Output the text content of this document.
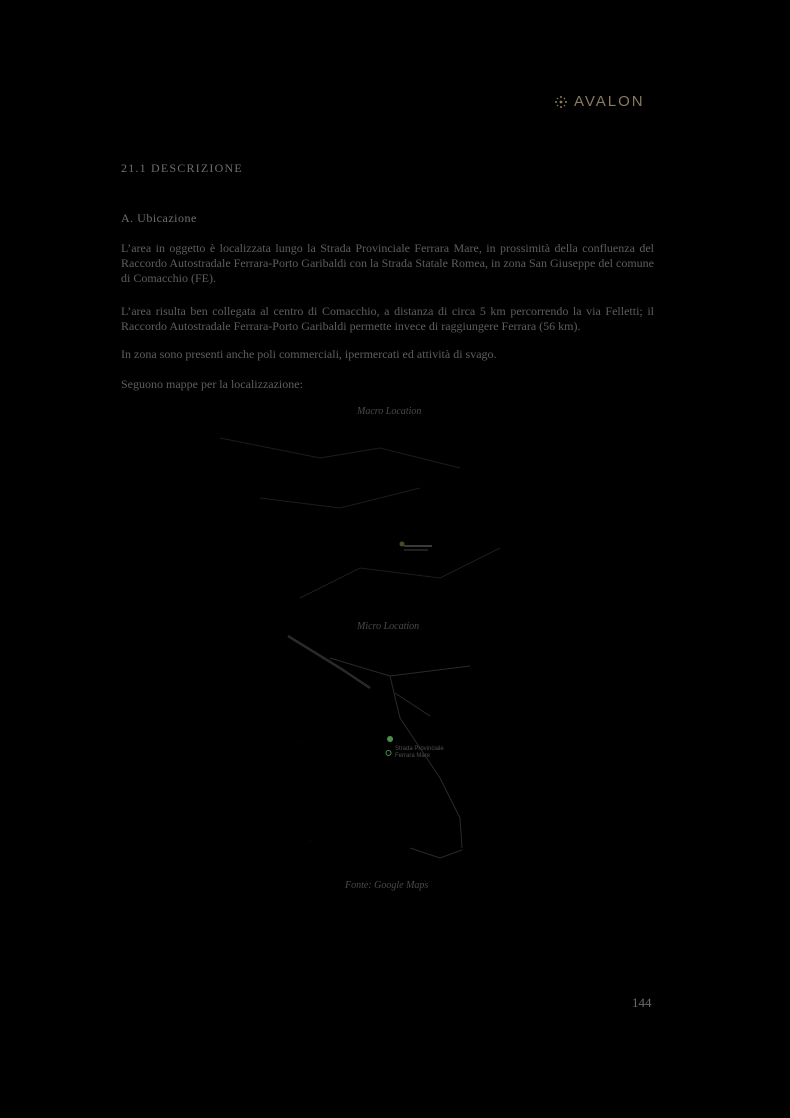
AVALON
21.1 DESCRIZIONE
A. Ubicazione

L’area in oggetto è localizzata lungo la Strada Provinciale Ferrara Mare, in prossimità della confluenza del Raccordo Autostradale Ferrara-Porto Garibaldi con la Strada Statale Romea, in zona San Giuseppe del comune di Comacchio (FE).

L’area risulta ben collegata al centro di Comacchio, a distanza di circa 5 km percorrendo la via Felletti; il Raccordo Autostradale Ferrara-Porto Garibaldi permette invece di raggiungere Ferrara (56 km).

In zona sono presenti anche poli commerciali, ipermercati ed attività di svago.

Seguono mappe per la localizzazione:

Macro Location
·
·
·
Micro Location
Strada Provinciale
Ferrara Mare
Fonte: Google Maps
144
